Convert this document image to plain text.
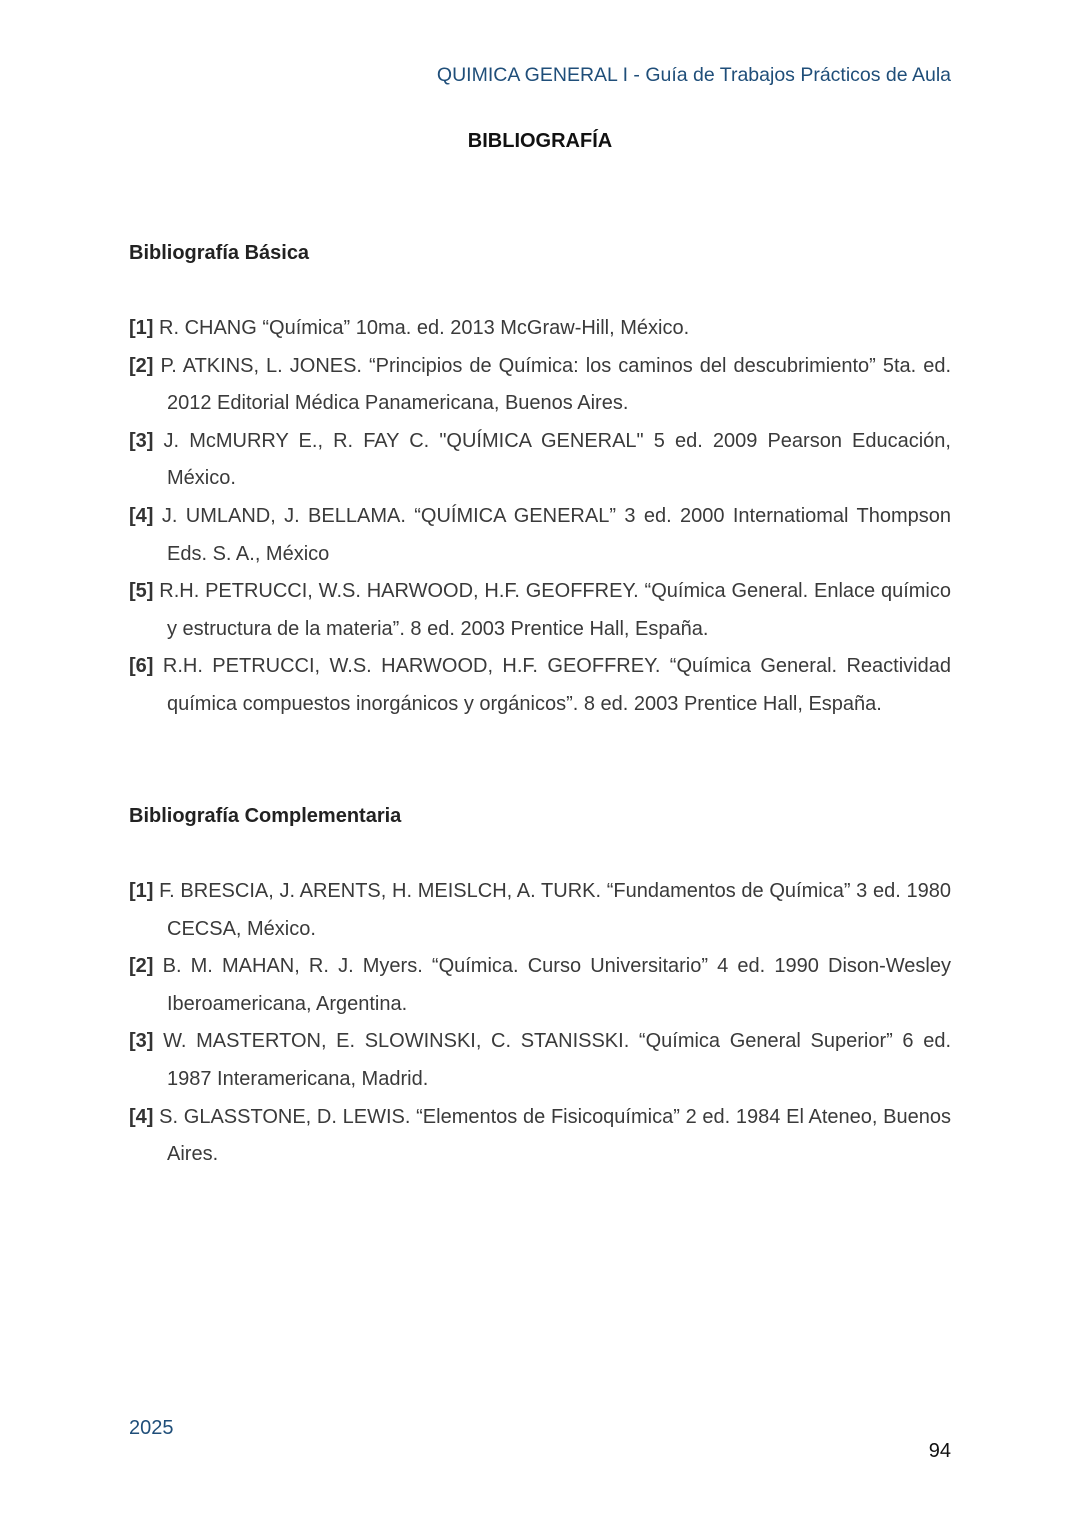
QUIMICA GENERAL I - Guía de Trabajos Prácticos de Aula
BIBLIOGRAFÍA
Bibliografía Básica

[1] R. CHANG “Química” 10ma. ed. 2013 McGraw-Hill, México.

[2] P. ATKINS, L. JONES. “Principios de Química: los caminos del descubrimiento” 5ta. ed. 2012 Editorial Médica Panamericana, Buenos Aires.

[3] J. McMURRY E., R. FAY C. "QUÍMICA GENERAL" 5 ed. 2009 Pearson Educación, México.

[4] J. UMLAND, J. BELLAMA. “QUÍMICA GENERAL” 3 ed. 2000 Internatiomal Thompson Eds. S. A., México

[5] R.H. PETRUCCI, W.S. HARWOOD, H.F. GEOFFREY. “Química General. Enlace químico y estructura de la materia”. 8 ed. 2003 Prentice Hall, España.

[6] R.H. PETRUCCI, W.S. HARWOOD, H.F. GEOFFREY. “Química General. Reactividad química compuestos inorgánicos y orgánicos”. 8 ed. 2003 Prentice Hall, España.

Bibliografía Complementaria

[1] F. BRESCIA, J. ARENTS, H. MEISLCH, A. TURK. “Fundamentos de Química” 3 ed. 1980 CECSA, México.

[2] B. M. MAHAN, R. J. Myers. “Química. Curso Universitario” 4 ed. 1990 Dison-Wesley Iberoamericana, Argentina.

[3] W. MASTERTON, E. SLOWINSKI, C. STANISSKI. “Química General Superior” 6 ed. 1987 Interamericana, Madrid.

[4] S. GLASSTONE, D. LEWIS. “Elementos de Fisicoquímica” 2 ed. 1984 El Ateneo, Buenos Aires.

2025
94
